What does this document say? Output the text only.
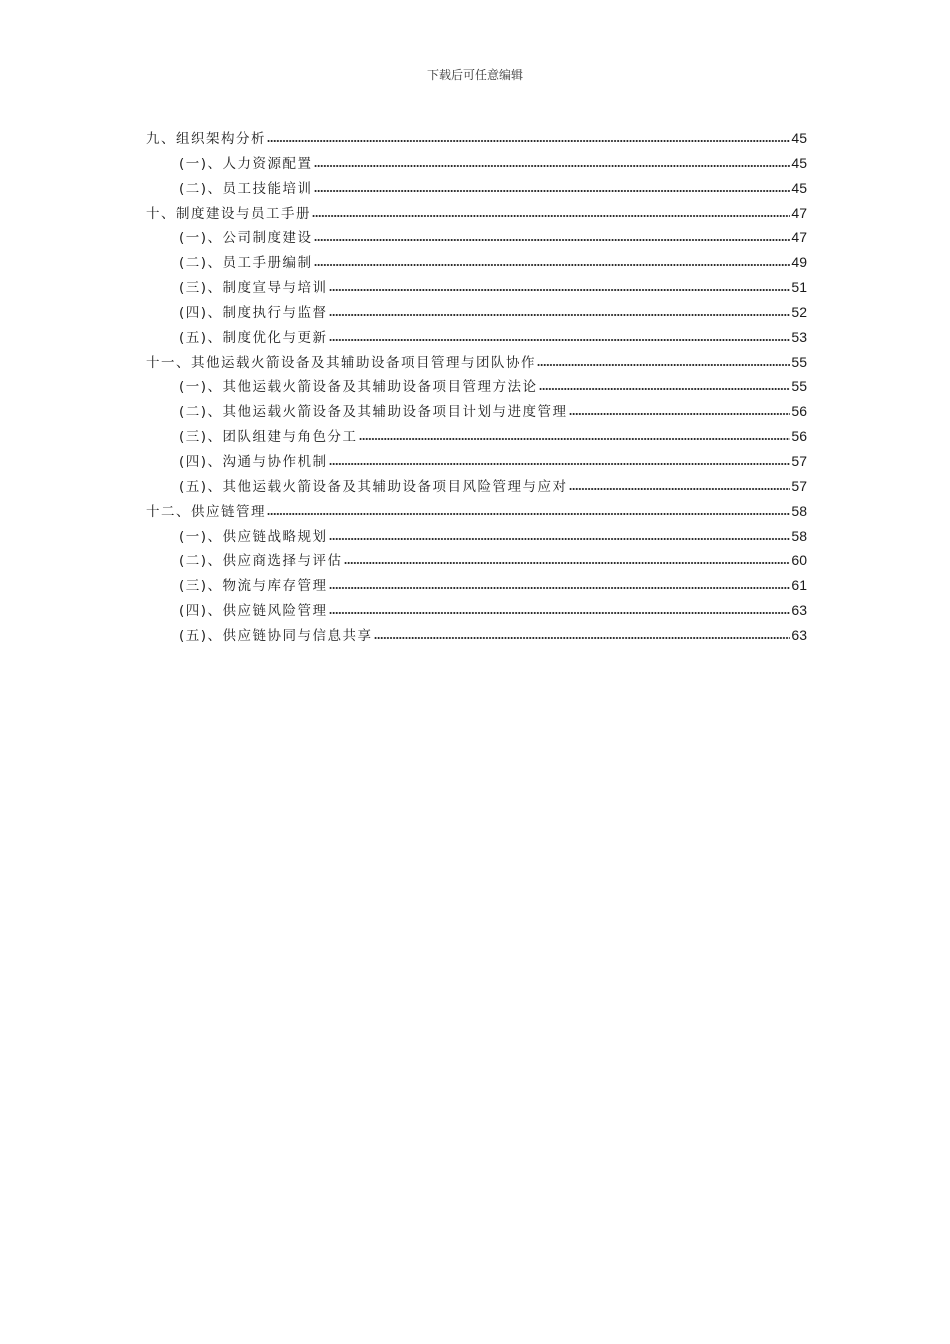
下载后可任意编辑
九、组织架构分析	45
(一)、人力资源配置	45
(二)、员工技能培训	45
十、制度建设与员工手册	47
(一)、公司制度建设	47
(二)、员工手册编制	49
(三)、制度宣导与培训	51
(四)、制度执行与监督	52
(五)、制度优化与更新	53
十一、其他运载火箭设备及其辅助设备项目管理与团队协作	55
(一)、其他运载火箭设备及其辅助设备项目管理方法论	55
(二)、其他运载火箭设备及其辅助设备项目计划与进度管理	56
(三)、团队组建与角色分工	56
(四)、沟通与协作机制	57
(五)、其他运载火箭设备及其辅助设备项目风险管理与应对	57
十二、供应链管理	58
(一)、供应链战略规划	58
(二)、供应商选择与评估	60
(三)、物流与库存管理	61
(四)、供应链风险管理	63
(五)、供应链协同与信息共享	63
